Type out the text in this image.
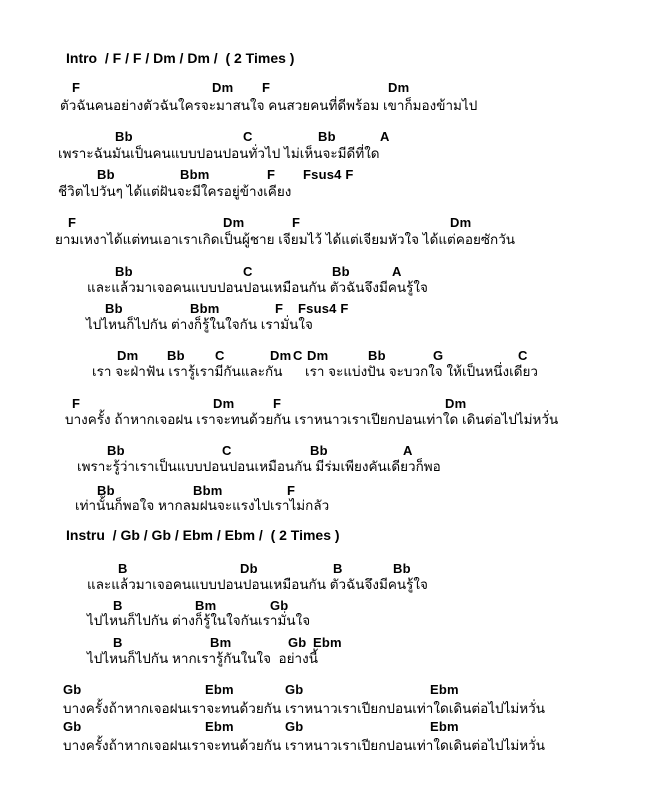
Intro  / F / F / Dm / Dm /  ( 2 Times )
F	Dm F	Dm
ตัวฉันคนอย่างตัวฉันใครจะมาสนใจ คนสวยคนที่ดีพร้อม เขาก็มองข้ามไป
Bb	C	Bb	A
เพราะฉันมันเป็นคนแบบปอนปอนทั่วไป ไม่เห็นจะมีดีที่ใด
Bb	Bbm	F Fsus4 F
ชีวิตไปวันๆ ได้แต่ฝันจะมีใครอยู่ข้างเคียง
F	Dm	F	Dm
ยามเหงาได้แต่ทนเอาเราเกิดเป็นผู้ชาย เจียมไว้ ได้แต่เจียมหัวใจ ได้แต่คอยซักวัน
Bb	C	Bb	A
และแล้วมาเจอคนแบบปอนปอนเหมือนกัน ตัวฉันจึงมีคนรู้ใจ
Bb	Bbm	F Fsus4 F
ไปไหนก็ไปกัน ต่างก็รู้ในใจกัน เรามั่นใจ
Dm Bb C	Dm C Dm	Bb	G	C
เรา จะฝ่าฟัน เรารู้เรามีกันและกัน      เรา จะแบ่งปัน จะบวกใจ ให้เป็นหนึ่งเดียว
F	Dm	F	Dm
บางครั้ง ถ้าหากเจอฝน เราจะทนด้วยกัน เราหนาวเราเปียกปอนเท่าใด เดินต่อไปไม่หวั่น
Bb	C	Bb	A
เพราะรู้ว่าเราเป็นแบบปอนปอนเหมือนกัน มีร่มเพียงคันเดียวก็พอ
Bb	Bbm	F
เท่านั้นก็พอใจ หากลมฝนจะแรงไปเราไม่กลัว
Instru  / Gb / Gb / Ebm / Ebm /  ( 2 Times )
B	Db	B	Bb
และแล้วมาเจอคนแบบปอนปอนเหมือนกัน ตัวฉันจึงมีคนรู้ใจ
B	Bm	Gb
ไปไหนก็ไปกัน ต่างก็รู้ในใจกันเรามั่นใจ
B	Bm	Gb Ebm
ไปไหนก็ไปกัน หากเรารู้กันในใจ  อย่างนี้
Gb	Ebm	Gb	Ebm
บางครั้งถ้าหากเจอฝนเราจะทนด้วยกัน เราหนาวเราเปียกปอนเท่าใดเดินต่อไปไม่หวั่น
Gb	Ebm	Gb	Ebm
บางครั้งถ้าหากเจอฝนเราจะทนด้วยกัน เราหนาวเราเปียกปอนเท่าใดเดินต่อไปไม่หวั่น
